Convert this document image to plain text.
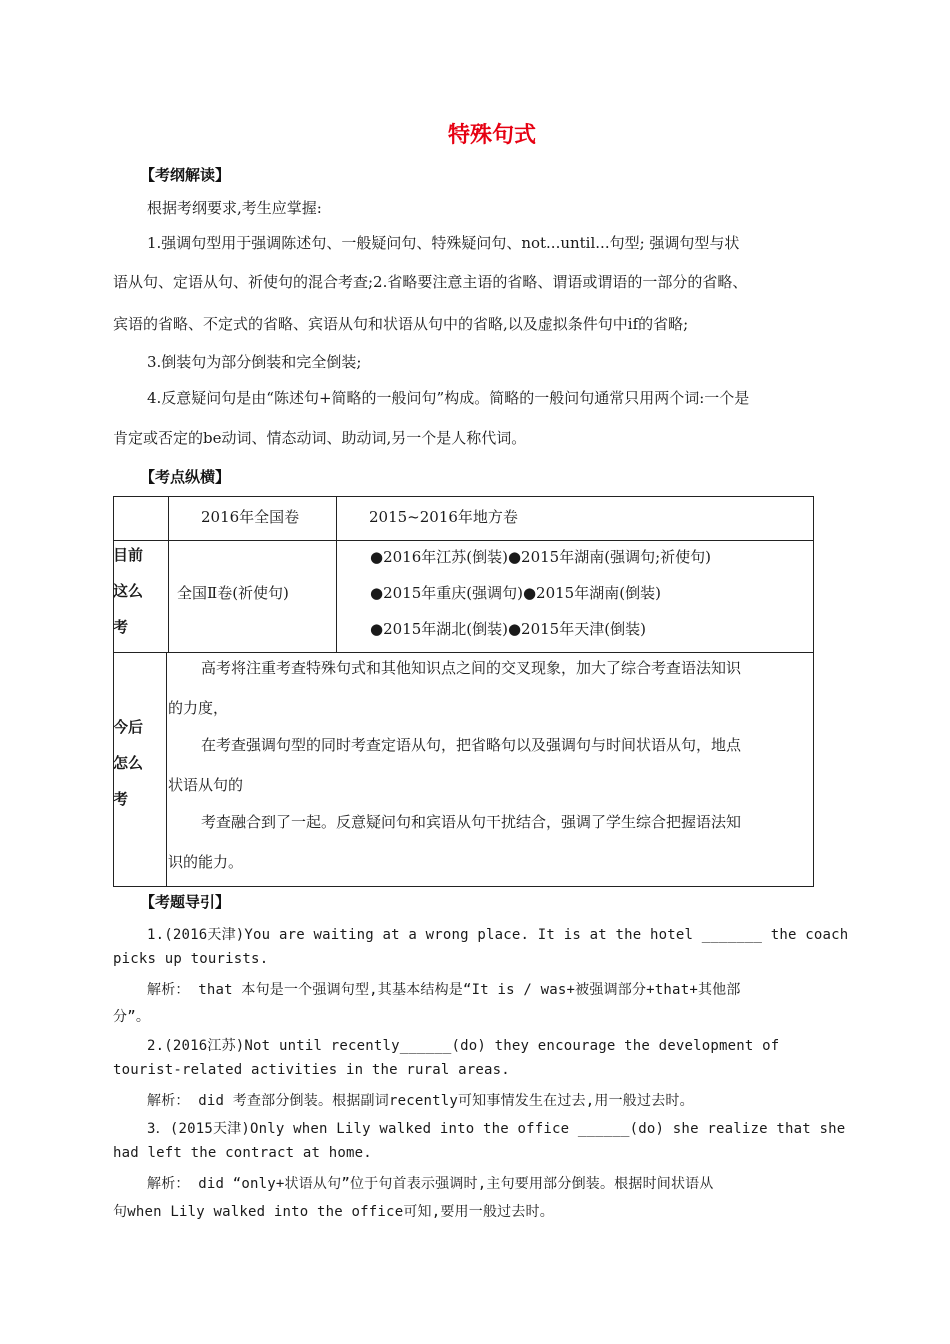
特殊句式
【考纲解读】
根据考纲要求,考生应掌握:
1.强调句型用于强调陈述句、一般疑问句、特殊疑问句、not...until...句型; 强调句型与状
语从句、定语从句、祈使句的混合考查;2.省略要注意主语的省略、谓语或谓语的一部分的省略、
宾语的省略、不定式的省略、宾语从句和状语从句中的省略,以及虚拟条件句中if的省略;
3.倒装句为部分倒装和完全倒装;
4.反意疑问句是由“陈述句+简略的一般问句”构成。简略的一般问句通常只用两个词:一个是
肯定或否定的be动词、情态动词、助动词,另一个是人称代词。
【考点纵横】
2016年全国卷	2015~2016年地方卷
目前
这么
考
全国Ⅱ卷(祈使句)
●2016年江苏(倒装)●2015年湖南(强调句;祈使句)
●2015年重庆(强调句)●2015年湖南(倒装)
●2015年湖北(倒装)●2015年天津(倒装)
今后
怎么
考
高考将注重考查特殊句式和其他知识点之间的交叉现象，加大了综合考查语法知识
的力度，
在考查强调句型的同时考查定语从句，把省略句以及强调句与时间状语从句，地点
状语从句的
考查融合到了一起。反意疑问句和宾语从句干扰结合，强调了学生综合把握语法知
识的能力。
【考题导引】
1.(2016天津)You are waiting at a wrong place. It is at the hotel _______ the coach
picks up tourists.
解析： that 本句是一个强调句型,其基本结构是“It is / was+被强调部分+that+其他部
分”。
2.(2016江苏)Not until recently______(do) they encourage the development of
tourist-related activities in the rural areas.
解析： did 考查部分倒装。根据副词recently可知事情发生在过去,用一般过去时。
3．(2015天津)Only when Lily walked into the office ______(do) she realize that she
had left the contract at home.
解析： did “only+状语从句”位于句首表示强调时,主句要用部分倒装。根据时间状语从
句when Lily walked into the office可知,要用一般过去时。
